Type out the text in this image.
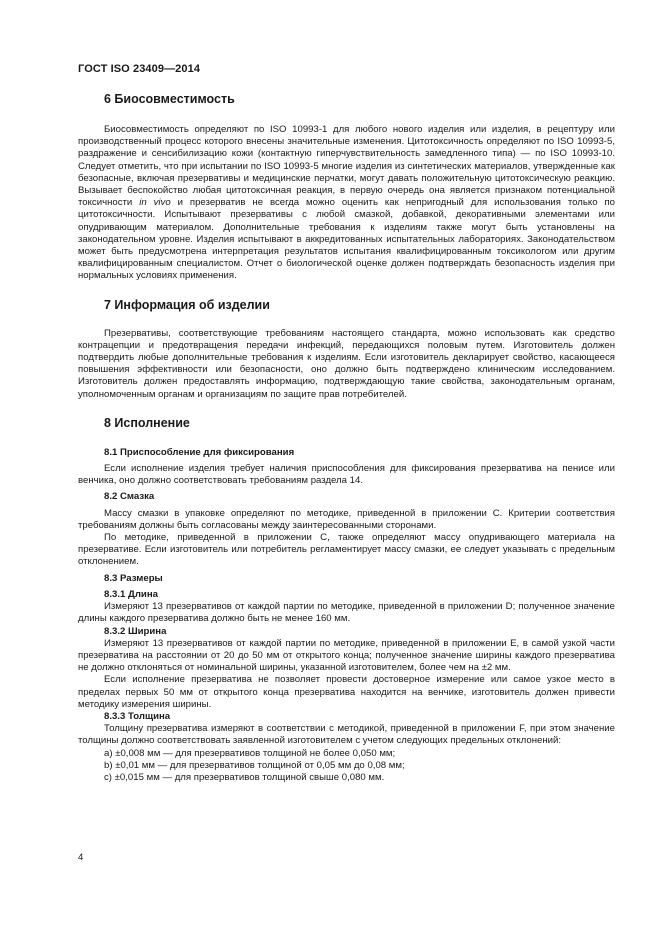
ГОСТ ISO 23409—2014
6 Биосовместимость

Биосовместимость определяют по ISO 10993-1 для любого нового изделия или изделия, в рецептуру или производственный процесс которого внесены значительные изменения. Цитотоксичность определяют по ISO 10993-5, раздражение и сенсибилизацию кожи (контактную гиперчувствительность замедленного типа) — по ISO 10993-10. Следует отметить, что при испытании по ISO 10993-5 многие изделия из синтетических материалов, утвержденные как безопасные, включая презервативы и медицинские перчатки, могут давать положительную цитотоксическую реакцию. Вызывает беспокойство любая цитотоксичная реакция, в первую очередь она является признаком потенциальной токсичности in vivo и презерватив не всегда можно оценить как непригодный для использования только по цитотоксичности. Испытывают презервативы с любой смазкой, добавкой, декоративными элементами или опудривающим материалом. Дополнительные требования к изделиям также могут быть установлены на законодательном уровне. Изделия испытывают в аккредитованных испытательных лабораториях. Законодательством может быть предусмотрена интерпретация результатов испытания квалифицированным токсикологом или другим квалифицированным специалистом. Отчет о биологической оценке должен подтверждать безопасность изделия при нормальных условиях применения.

7 Информация об изделии

Презервативы, соответствующие требованиям настоящего стандарта, можно использовать как средство контрацепции и предотвращения передачи инфекций, передающихся половым путем. Изготовитель должен подтвердить любые дополнительные требования к изделиям. Если изготовитель декларирует свойство, касающееся повышения эффективности или безопасности, оно должно быть подтверждено клиническим исследованием. Изготовитель должен предоставлять информацию, подтверждающую такие свойства, законодательным органам, уполномоченным органам и организациям по защите прав потребителей.

8 Исполнение

8.1 Приспособление для фиксирования

Если исполнение изделия требует наличия приспособления для фиксирования презерватива на пенисе или венчика, оно должно соответствовать требованиям раздела 14.

8.2 Смазка

Массу смазки в упаковке определяют по методике, приведенной в приложении C. Критерии соответствия требованиям должны быть согласованы между заинтересованными сторонами.

По методике, приведенной в приложении C, также определяют массу опудривающего материала на презервативе. Если изготовитель или потребитель регламентирует массу смазки, ее следует указывать с предельным отклонением.

8.3 Размеры

8.3.1 Длина

Измеряют 13 презервативов от каждой партии по методике, приведенной в приложении D; полученное значение длины каждого презерватива должно быть не менее 160 мм.

8.3.2 Ширина

Измеряют 13 презервативов от каждой партии по методике, приведенной в приложении E, в самой узкой части презерватива на расстоянии от 20 до 50 мм от открытого конца; полученное значение ширины каждого презерватива не должно отклоняться от номинальной ширины, указанной изготовителем, более чем на ±2 мм.

Если исполнение презерватива не позволяет провести достоверное измерение или самое узкое место в пределах первых 50 мм от открытого конца презерватива находится на венчике, изготовитель должен привести методику измерения ширины.

8.3.3 Толщина

Толщину презерватива измеряют в соответствии с методикой, приведенной в приложении F, при этом значение толщины должно соответствовать заявленной изготовителем с учетом следующих предельных отклонений:

a) ±0,008 мм — для презервативов толщиной не более 0,050 мм;

b) ±0,01 мм — для презервативов толщиной от 0,05 мм до 0,08 мм;

c) ±0,015 мм — для презервативов толщиной свыше 0,080 мм.

4
